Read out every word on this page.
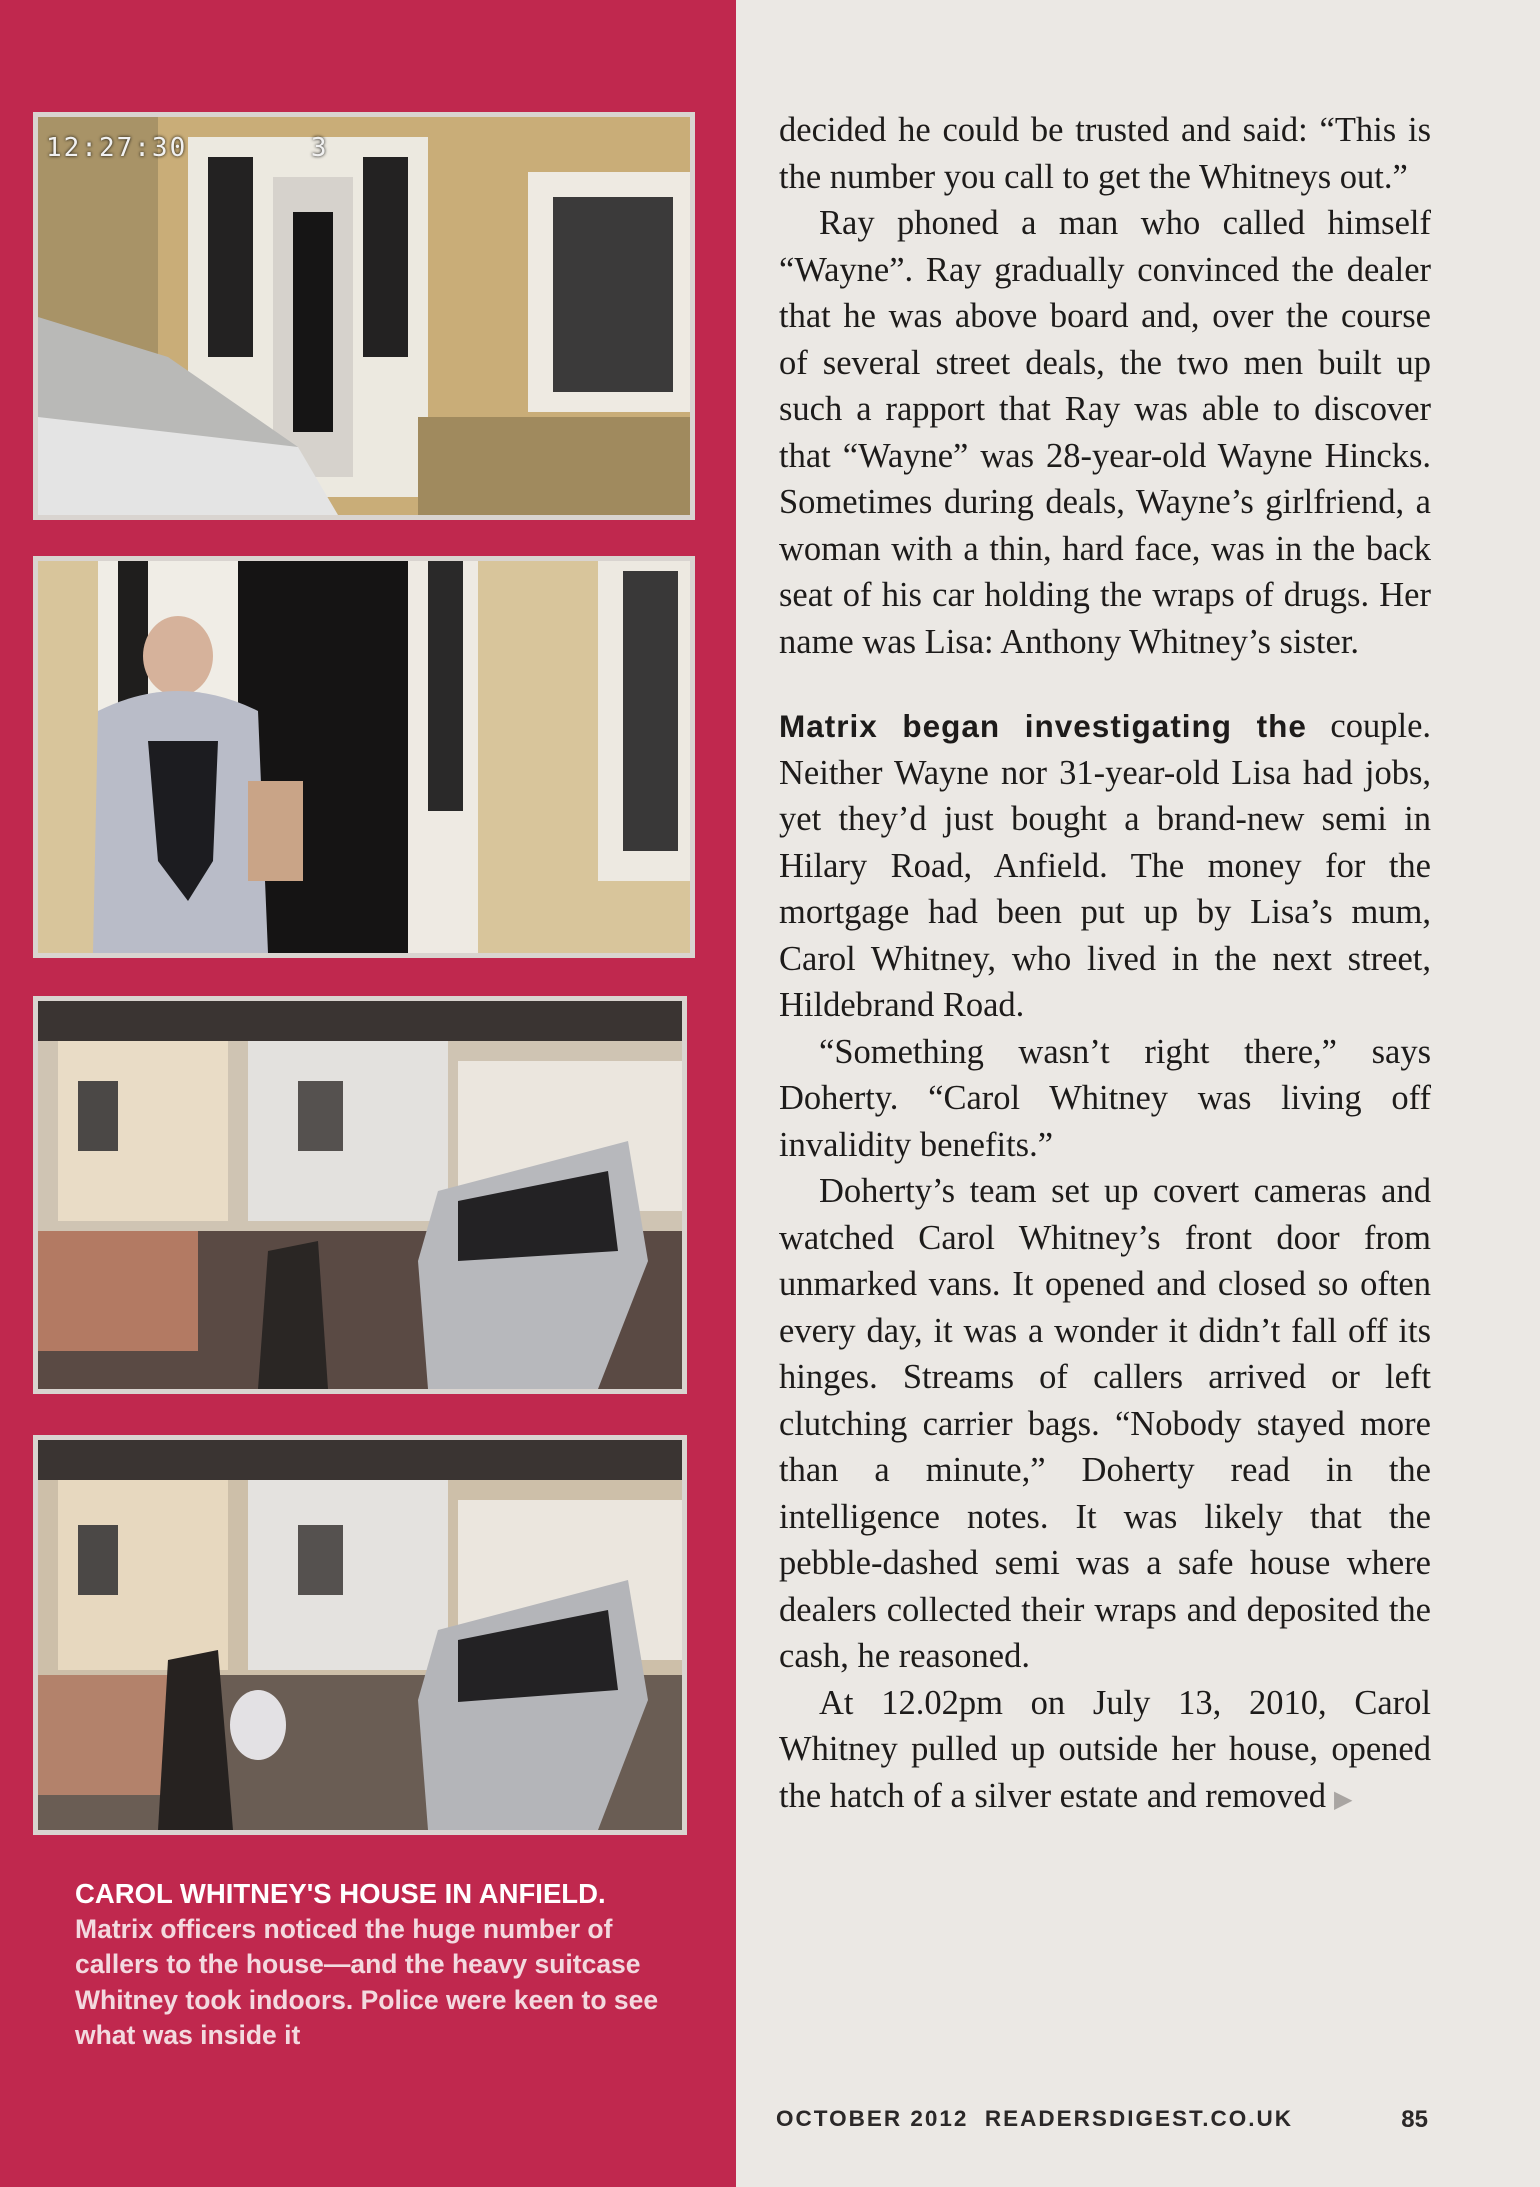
12:27:30	3
CAROL WHITNEY'S HOUSE IN ANFIELD.
Matrix officers noticed the huge number of callers to the house—and the heavy suitcase Whitney took indoors. Police were keen to see what was inside it

decided he could be trusted and said: “This is the number you call to get the Whitneys out.”

Ray phoned a man who called himself “Wayne”. Ray gradually convinced the dealer that he was above board and, over the course of several street deals, the two men built up such a rapport that Ray was able to discover that “Wayne” was 28-year-old Wayne Hincks. Sometimes during deals, Wayne’s girlfriend, a woman with a thin, hard face, was in the back seat of his car holding the wraps of drugs. Her name was Lisa: Anthony Whitney’s sister.

Matrix began investigating the couple. Neither Wayne nor 31-year-old Lisa had jobs, yet they’d just bought a brand-new semi in Hilary Road, Anfield. The money for the mortgage had been put up by Lisa’s mum, Carol Whitney, who lived in the next street, Hildebrand Road.

“Something wasn’t right there,” says Doherty. “Carol Whitney was living off invalidity benefits.”

Doherty’s team set up covert cameras and watched Carol Whitney’s front door from unmarked vans. It opened and closed so often every day, it was a wonder it didn’t fall off its hinges. Streams of callers arrived or left clutching carrier bags. “Nobody stayed more than a minute,” Doherty read in the intelligence notes. It was likely that the pebble-dashed semi was a safe house where dealers collected their wraps and deposited the cash, he reasoned.

At 12.02pm on July 13, 2010, Carol Whitney pulled up outside her house, opened the hatch of a silver estate and removed ▶

OCTOBER 2012 READERSDIGEST.CO.UK	85
